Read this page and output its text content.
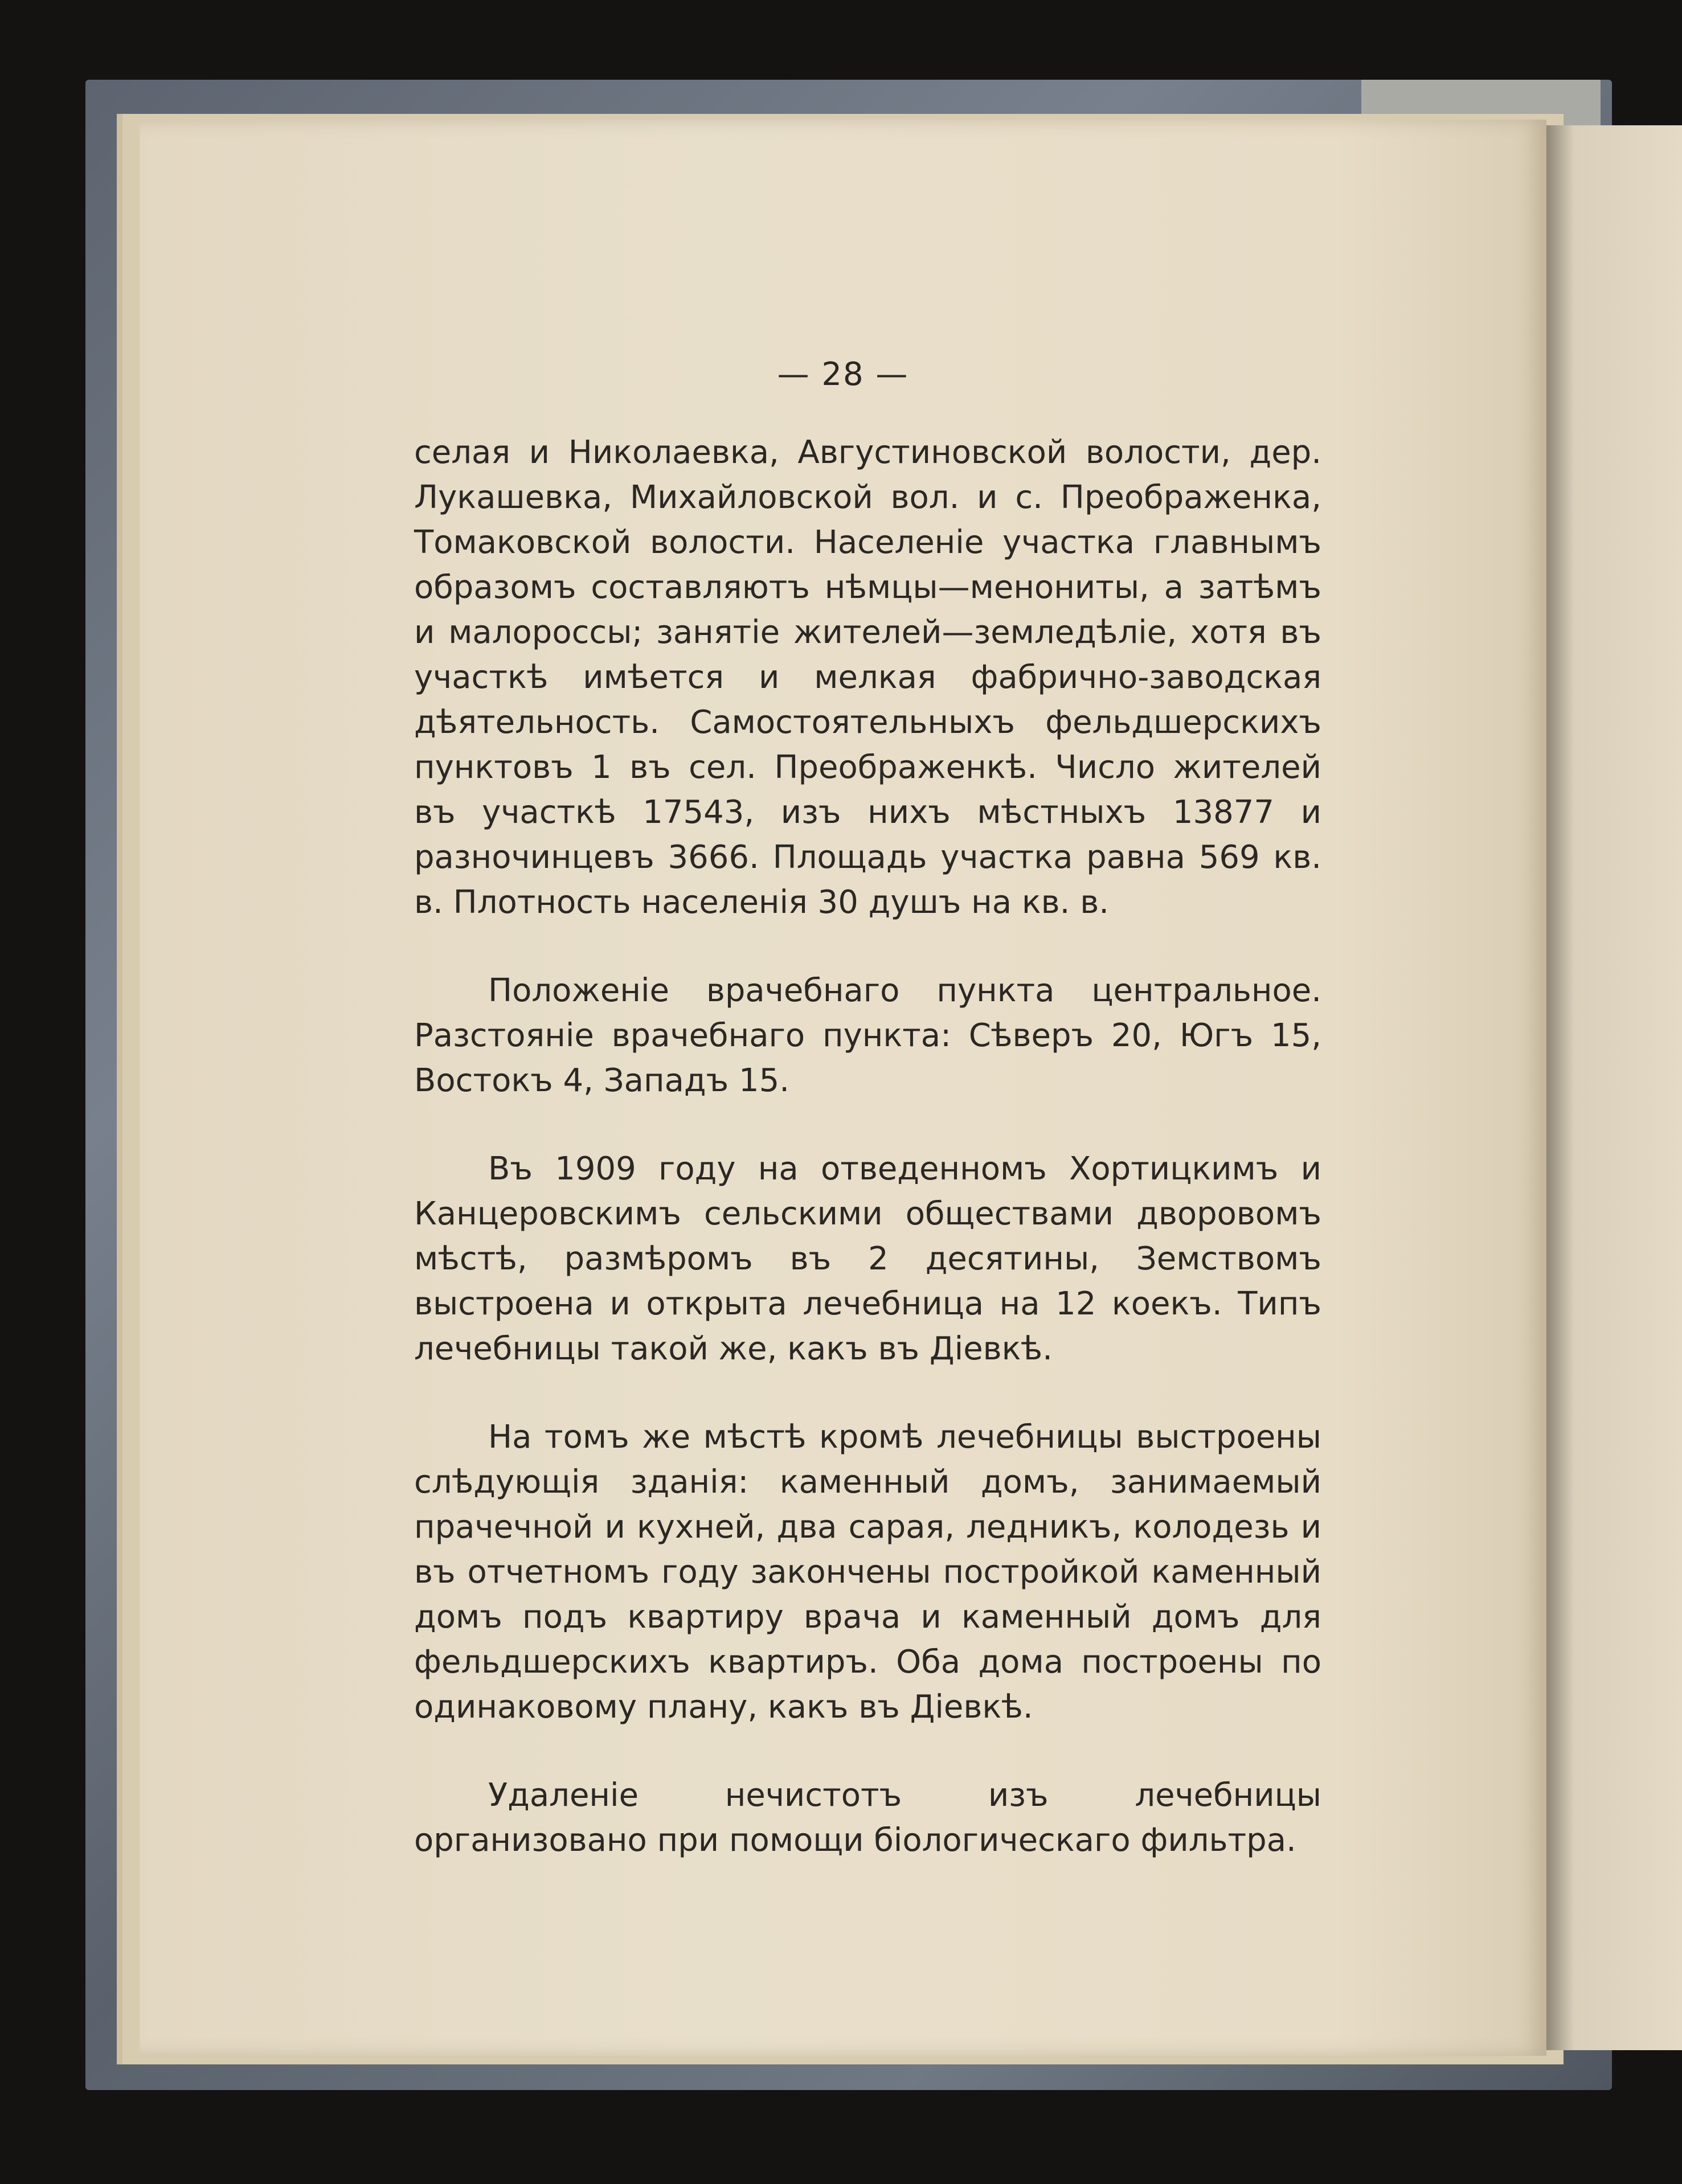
— 28 —

селая и Николаевка, Августиновской волости, дер. Лукашевка, Михайловской вол. и с. Преображенка, Томаковской волости. Населеніе участка главнымъ образомъ составляютъ нѣмцы—менониты, а затѣмъ и малороссы; занятіе жителей—земледѣліе, хотя въ участкѣ имѣется и мелкая фабрично-заводская дѣятельность. Самостоятельныхъ фельдшерскихъ пунктовъ 1 въ сел. Преображенкѣ. Число жителей въ участкѣ 17543, изъ нихъ мѣстныхъ 13877 и разночинцевъ 3666. Площадь участка равна 569 кв. в. Плотность населенія 30 душъ на кв. в.

Положеніе врачебнаго пункта центральное. Разстояніе врачебнаго пункта: Сѣверъ 20, Югъ 15, Востокъ 4, Западъ 15.

Въ 1909 году на отведенномъ Хортицкимъ и Канцеровскимъ сельскими обществами дворовомъ мѣстѣ, размѣромъ въ 2 десятины, Земствомъ выстроена и открыта лечебница на 12 коекъ. Типъ лечебницы такой же, какъ въ Діевкѣ.

На томъ же мѣстѣ кромѣ лечебницы выстроены слѣдующія зданія: каменный домъ, занимаемый прачечной и кухней, два сарая, ледникъ, колодезь и въ отчетномъ году закончены постройкой каменный домъ подъ квартиру врача и каменный домъ для фельдшерскихъ квартиръ. Оба дома построены по одинаковому плану, какъ въ Діевкѣ.

Удаленіе нечистотъ изъ лечебницы организовано при помощи біологическаго фильтра.
